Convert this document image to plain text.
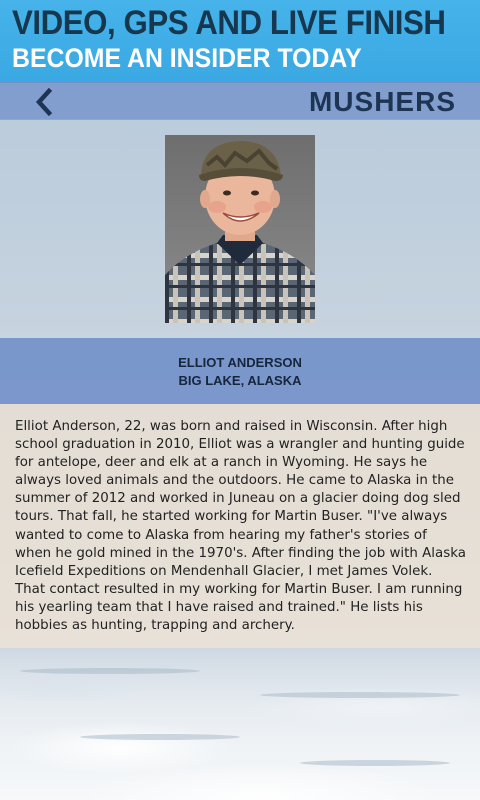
VIDEO, GPS AND LIVE FINISH
BECOME AN INSIDER TODAY
MUSHERS
ELLIOT ANDERSON
BIG LAKE, ALASKA

Elliot Anderson, 22, was born and raised in Wisconsin. After high school graduation in 2010, Elliot was a wrangler and hunting guide for antelope, deer and elk at a ranch in Wyoming. He says he always loved animals and the outdoors. He came to Alaska in the summer of 2012 and worked in Juneau on a glacier doing dog sled tours. That fall, he started working for Martin Buser. "I've always wanted to come to Alaska from hearing my father's stories of when he gold mined in the 1970's. After finding the job with Alaska Icefield Expeditions on Mendenhall Glacier, I met James Volek. That contact resulted in my working for Martin Buser. I am running his yearling team that I have raised and trained." He lists his hobbies as hunting, trapping and archery.
